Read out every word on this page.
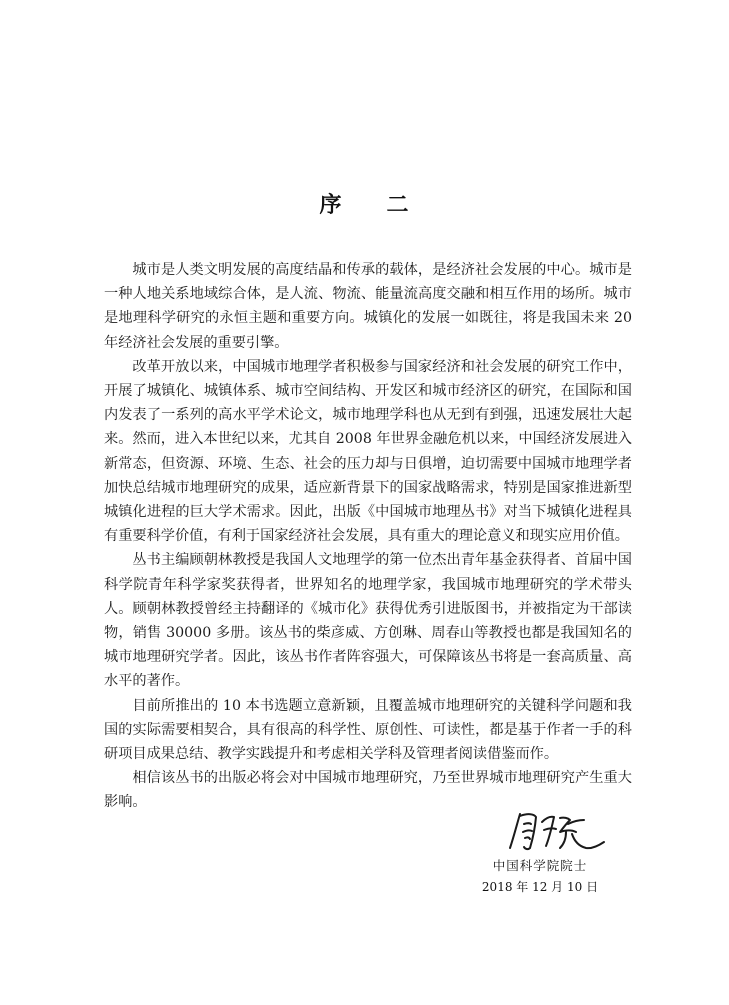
序 二

城市是人类文明发展的高度结晶和传承的载体，是经济社会发展的中心。城市是一种人地关系地域综合体，是人流、物流、能量流高度交融和相互作用的场所。城市是地理科学研究的永恒主题和重要方向。城镇化的发展一如既往，将是我国未来 20 年经济社会发展的重要引擎。

改革开放以来，中国城市地理学者积极参与国家经济和社会发展的研究工作中，开展了城镇化、城镇体系、城市空间结构、开发区和城市经济区的研究，在国际和国内发表了一系列的高水平学术论文，城市地理学科也从无到有到强，迅速发展壮大起来。然而，进入本世纪以来，尤其自 2008 年世界金融危机以来，中国经济发展进入新常态，但资源、环境、生态、社会的压力却与日俱增，迫切需要中国城市地理学者加快总结城市地理研究的成果，适应新背景下的国家战略需求，特别是国家推进新型城镇化进程的巨大学术需求。因此，出版《中国城市地理丛书》对当下城镇化进程具有重要科学价值，有利于国家经济社会发展，具有重大的理论意义和现实应用价值。

丛书主编顾朝林教授是我国人文地理学的第一位杰出青年基金获得者、首届中国科学院青年科学家奖获得者，世界知名的地理学家，我国城市地理研究的学术带头人。顾朝林教授曾经主持翻译的《城市化》获得优秀引进版图书，并被指定为干部读物，销售 30000 多册。该丛书的柴彦威、方创琳、周春山等教授也都是我国知名的城市地理研究学者。因此，该丛书作者阵容强大，可保障该丛书将是一套高质量、高水平的著作。

目前所推出的 10 本书选题立意新颖，且覆盖城市地理研究的关键科学问题和我国的实际需要相契合，具有很高的科学性、原创性、可读性，都是基于作者一手的科研项目成果总结、教学实践提升和考虑相关学科及管理者阅读借鉴而作。

相信该丛书的出版必将会对中国城市地理研究，乃至世界城市地理研究产生重大影响。

中国科学院院士
2018 年 12 月 10 日
